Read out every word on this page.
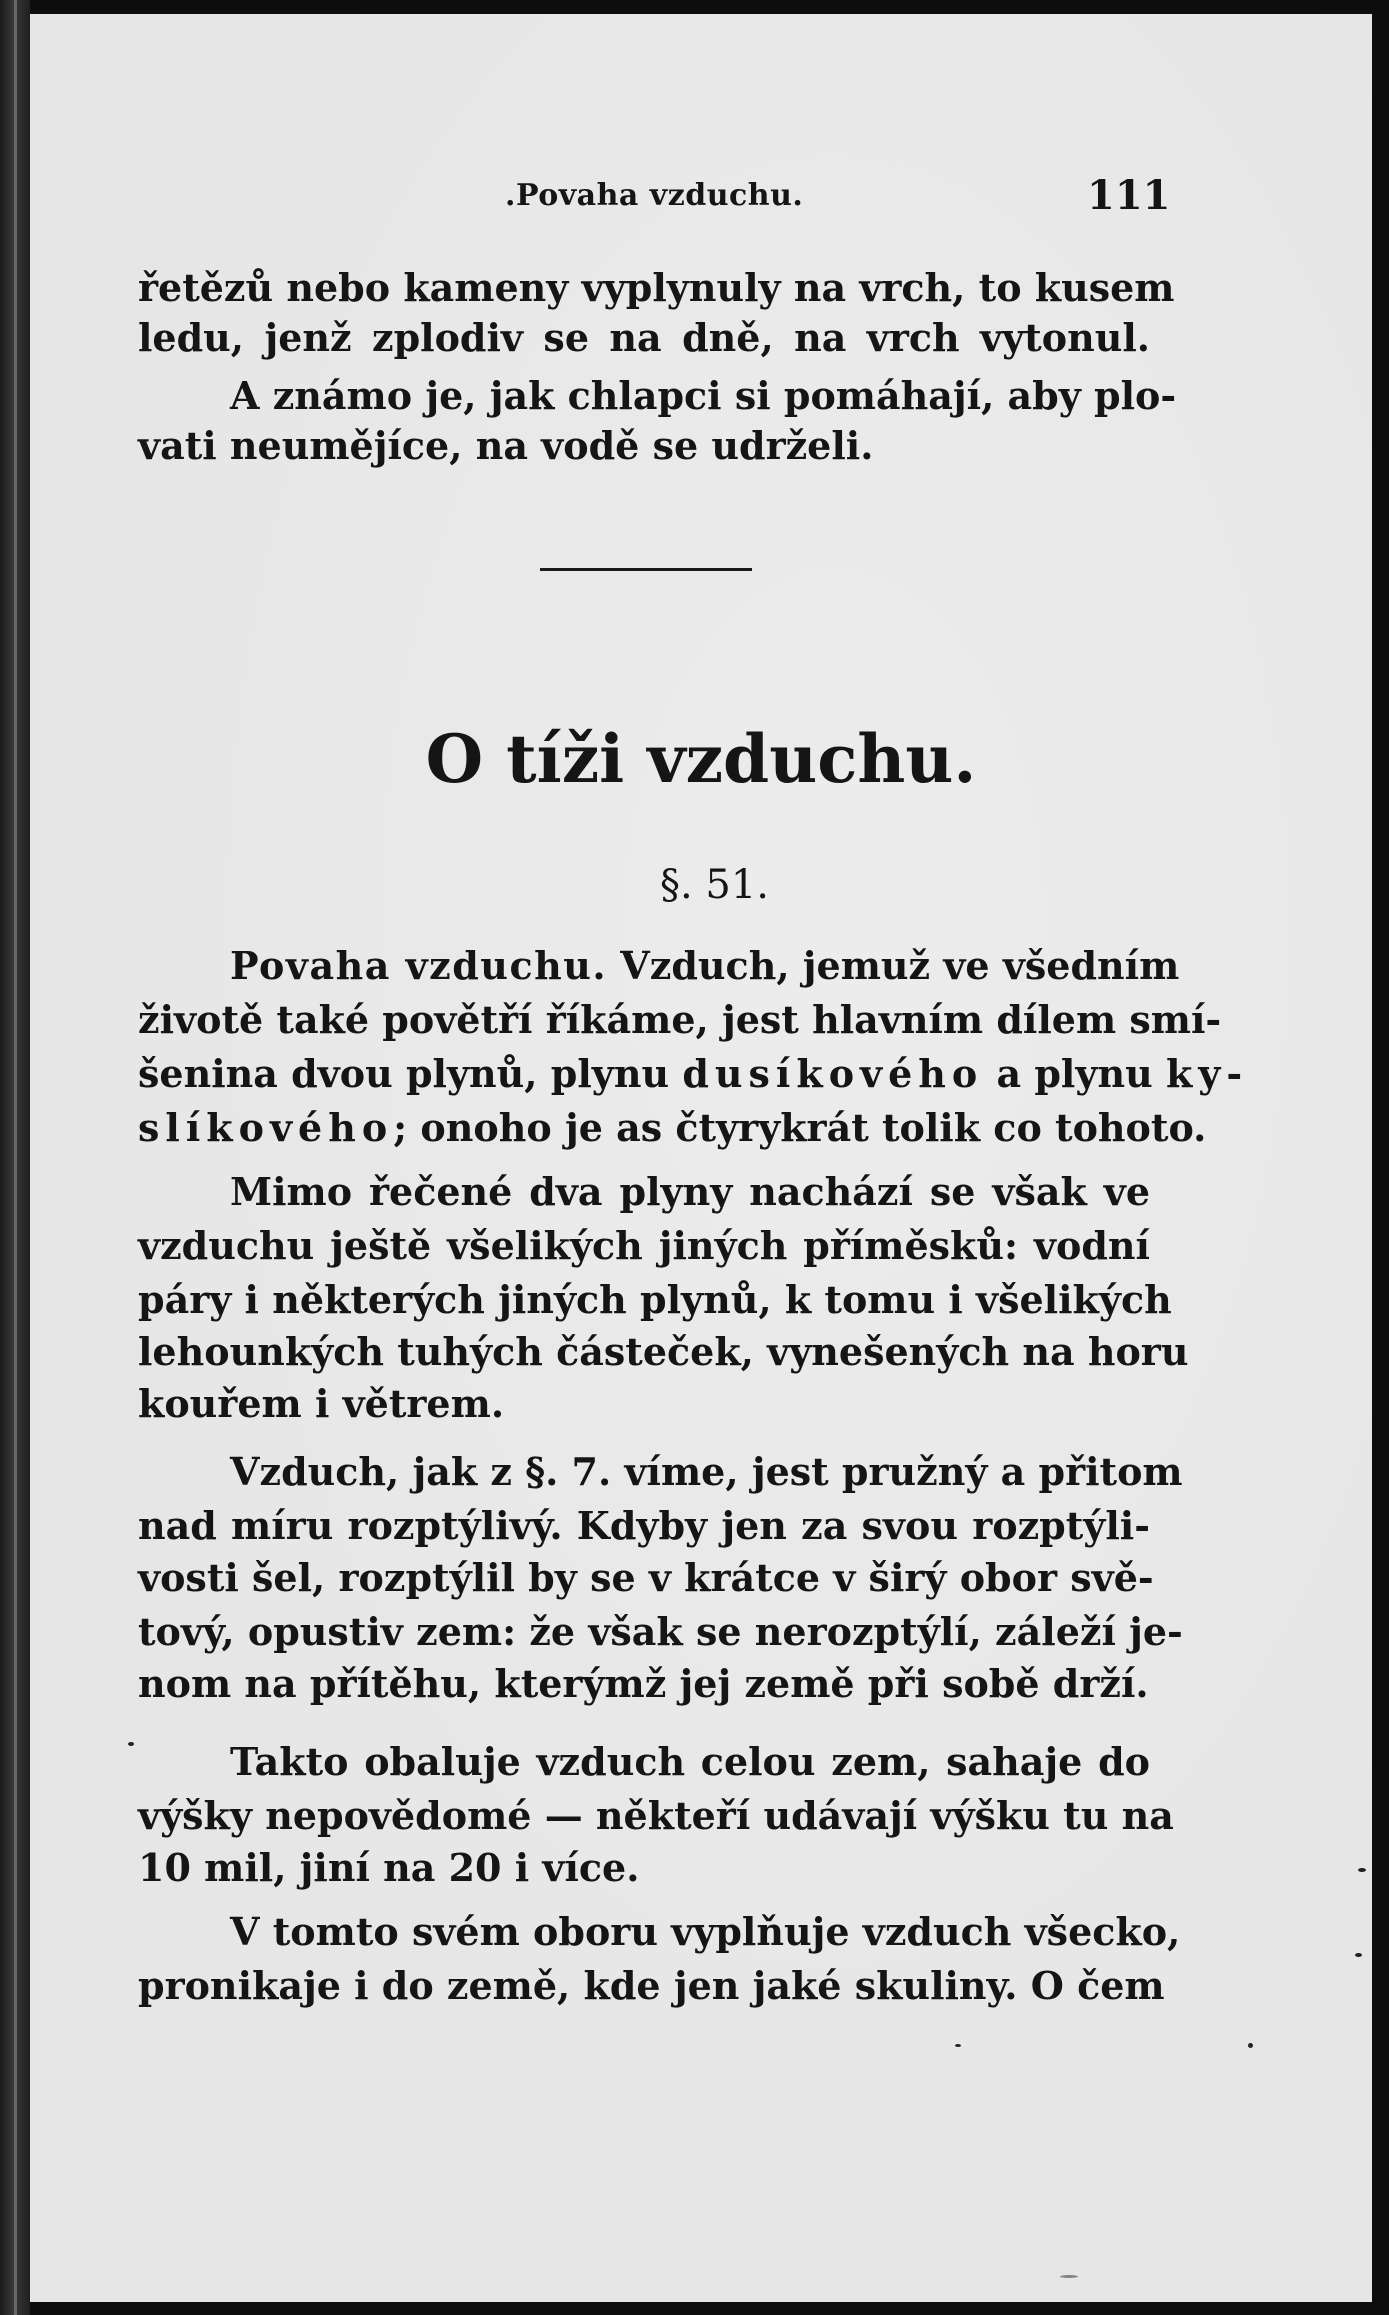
.Povaha vzduchu.	111
řetězů nebo kameny vyplynuly na vrch, to kusem
ledu, jenž zplodiv se na dně, na vrch vytonul.
A známo je, jak chlapci si pomáhají, aby plo-
vati neumějíce, na vodě se udrželi.
O tíži vzduchu.
§. 51.
Povaha vzduchu. Vzduch, jemuž ve všedním
životě také povětří říkáme, jest hlavním dílem smí-
šenina dvou plynů, plynu dusíkového a plynu ky-
slíkového; onoho je as čtyrykrát tolik co tohoto.
Mimo řečené dva plyny nachází se však ve
vzduchu ještě všelikých jiných příměsků: vodní
páry i některých jiných plynů, k tomu i všelikých
lehounkých tuhých částeček, vynešených na horu
kouřem i větrem.
Vzduch, jak z §. 7. víme, jest pružný a přitom
nad míru rozptýlivý. Kdyby jen za svou rozptýli-
vosti šel, rozptýlil by se v krátce v širý obor svě-
tový, opustiv zem: že však se nerozptýlí, záleží je-
nom na přítěhu, kterýmž jej země při sobě drží.
Takto obaluje vzduch celou zem, sahaje do
výšky nepovědomé — někteří udávají výšku tu na
10 mil, jiní na 20 i více.
V tomto svém oboru vyplňuje vzduch všecko,
pronikaje i do země, kde jen jaké skuliny. O čem
